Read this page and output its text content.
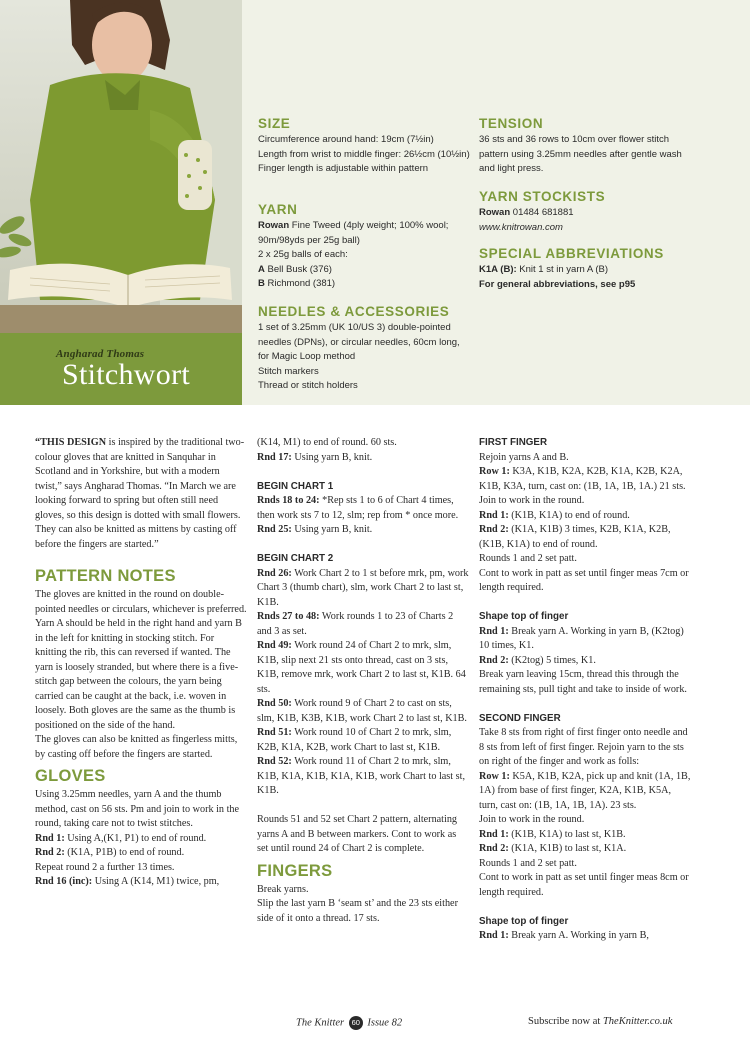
Angharad Thomas
Stitchwort
SIZE

Circumference around hand: 19cm (7½in)

Length from wrist to middle finger: 26½cm (10½in)

Finger length is adjustable within pattern

YARN

Rowan Fine Tweed (4ply weight; 100% wool; 90m/98yds per 25g ball)

2 x 25g balls of each:

A Bell Busk (376)

B Richmond (381)

NEEDLES & ACCESSORIES

1 set of 3.25mm (UK 10/US 3) double-pointed needles (DPNs), or circular needles, 60cm long, for Magic Loop method

Stitch markers

Thread or stitch holders

TENSION

36 sts and 36 rows to 10cm over flower stitch pattern using 3.25mm needles after gentle wash and light press.

YARN STOCKISTS

Rowan 01484 681881

www.knitrowan.com

SPECIAL ABBREVIATIONS

K1A (B): Knit 1 st in yarn A (B)

For general abbreviations, see p95

“THIS DESIGN is inspired by the traditional two-colour gloves that are knitted in Sanquhar in Scotland and in Yorkshire, but with a modern twist,” says Angharad Thomas. “In March we are looking forward to spring but often still need gloves, so this design is dotted with small flowers. They can also be knitted as mittens by casting off before the fingers are started.”

PATTERN NOTES

The gloves are knitted in the round on double-pointed needles or circulars, whichever is preferred. Yarn A should be held in the right hand and yarn B in the left for knitting in stocking stitch. For knitting the rib, this can reversed if wanted. The yarn is loosely stranded, but where there is a five-stitch gap between the colours, the yarn being carried can be caught at the back, i.e. woven in loosely. Both gloves are the same as the thumb is positioned on the side of the hand.

The gloves can also be knitted as fingerless mitts, by casting off before the fingers are started.

GLOVES

Using 3.25mm needles, yarn A and the thumb method, cast on 56 sts. Pm and join to work in the round, taking care not to twist stitches.

Rnd 1: Using A,(K1, P1) to end of round.

Rnd 2: (K1A, P1B) to end of round.

Repeat round 2 a further 13 times.

Rnd 16 (inc): Using A (K14, M1) twice, pm,

(K14, M1) to end of round. 60 sts.

Rnd 17: Using yarn B, knit.

BEGIN CHART 1

Rnds 18 to 24: *Rep sts 1 to 6 of Chart 4 times, then work sts 7 to 12, slm; rep from * once more.

Rnd 25: Using yarn B, knit.

BEGIN CHART 2

Rnd 26: Work Chart 2 to 1 st before mrk, pm, work Chart 3 (thumb chart), slm, work Chart 2 to last st, K1B.

Rnds 27 to 48: Work rounds 1 to 23 of Charts 2 and 3 as set.

Rnd 49: Work round 24 of Chart 2 to mrk, slm, K1B, slip next 21 sts onto thread, cast on 3 sts, K1B, remove mrk, work Chart 2 to last st, K1B. 64 sts.

Rnd 50: Work round 9 of Chart 2 to cast on sts, slm, K1B, K3B, K1B, work Chart 2 to last st, K1B.

Rnd 51: Work round 10 of Chart 2 to mrk, slm, K2B, K1A, K2B, work Chart to last st, K1B.

Rnd 52: Work round 11 of Chart 2 to mrk, slm, K1B, K1A, K1B, K1A, K1B, work Chart to last st, K1B.

Rounds 51 and 52 set Chart 2 pattern, alternating yarns A and B between markers. Cont to work as set until round 24 of Chart 2 is complete.

FINGERS

Break yarns.

Slip the last yarn B ‘seam st’ and the 23 sts either side of it onto a thread. 17 sts.

FIRST FINGER

Rejoin yarns A and B.

Row 1: K3A, K1B, K2A, K2B, K1A, K2B, K2A, K1B, K3A, turn, cast on: (1B, 1A, 1B, 1A.) 21 sts. Join to work in the round.

Rnd 1: (K1B, K1A) to end of round.

Rnd 2: (K1A, K1B) 3 times, K2B, K1A, K2B, (K1B, K1A) to end of round.

Rounds 1 and 2 set patt.

Cont to work in patt as set until finger meas 7cm or length required.

Shape top of finger

Rnd 1: Break yarn A. Working in yarn B, (K2tog) 10 times, K1.

Rnd 2: (K2tog) 5 times, K1.

Break yarn leaving 15cm, thread this through the remaining sts, pull tight and take to inside of work.

SECOND FINGER

Take 8 sts from right of first finger onto needle and 8 sts from left of first finger. Rejoin yarn to the sts on right of the finger and work as folls:

Row 1: K5A, K1B, K2A, pick up and knit (1A, 1B, 1A) from base of first finger, K2A, K1B, K5A, turn, cast on: (1B, 1A, 1B, 1A). 23 sts.

Join to work in the round.

Rnd 1: (K1B, K1A) to last st, K1B.

Rnd 2: (K1A, K1B) to last st, K1A.

Rounds 1 and 2 set patt.

Cont to work in patt as set until finger meas 8cm or length required.

Shape top of finger

Rnd 1: Break yarn A. Working in yarn B,

The Knitter 60 Issue 82	Subscribe now at TheKnitter.co.uk
